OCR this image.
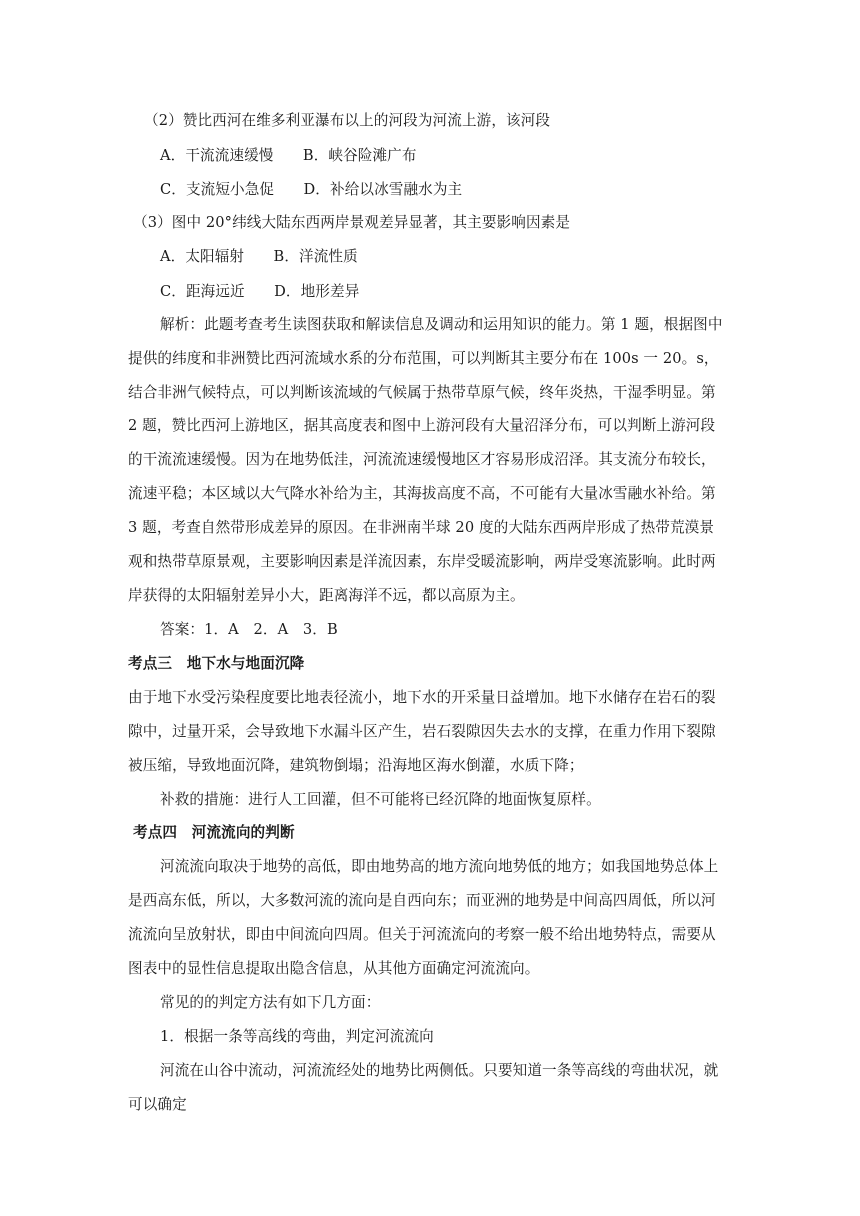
（2）赞比西河在维多利亚瀑布以上的河段为河流上游，该河段
A．干流流速缓慢　　B．峡谷险滩广布
C．支流短小急促　　D．补给以冰雪融水为主
（3）图中 20°纬线大陆东西两岸景观差异显著，其主要影响因素是
A．太阳辐射　　B．洋流性质
C．距海远近　　D．地形差异
解析：此题考查考生读图获取和解读信息及调动和运用知识的能力。第 1 题，根据图中
提供的纬度和非洲赞比西河流域水系的分布范围，可以判断其主要分布在 100s 一 20。s，
结合非洲气候特点，可以判断该流域的气候属于热带草原气候，终年炎热，干湿季明显。第
2 题，赞比西河上游地区，据其高度表和图中上游河段有大量沼泽分布，可以判断上游河段
的干流流速缓慢。因为在地势低洼，河流流速缓慢地区才容易形成沼泽。其支流分布较长，
流速平稳；本区域以大气降水补给为主，其海拔高度不高，不可能有大量冰雪融水补给。第
3 题，考查自然带形成差异的原因。在非洲南半球 20 度的大陆东西两岸形成了热带荒漠景
观和热带草原景观，主要影响因素是洋流因素，东岸受暖流影响，两岸受寒流影响。此时两
岸获得的太阳辐射差异小大，距离海洋不远，都以高原为主。
答案：1．A　2．A　3．B
考点三　地下水与地面沉降
由于地下水受污染程度要比地表径流小，地下水的开采量日益增加。地下水储存在岩石的裂
隙中，过量开采，会导致地下水漏斗区产生，岩石裂隙因失去水的支撑，在重力作用下裂隙
被压缩，导致地面沉降，建筑物倒塌；沿海地区海水倒灌，水质下降；
补救的措施：进行人工回灌，但不可能将已经沉降的地面恢复原样。
考点四　河流流向的判断
河流流向取决于地势的高低，即由地势高的地方流向地势低的地方；如我国地势总体上
是西高东低，所以，大多数河流的流向是自西向东；而亚洲的地势是中间高四周低，所以河
流流向呈放射状，即由中间流向四周。但关于河流流向的考察一般不给出地势特点，需要从
图表中的显性信息提取出隐含信息，从其他方面确定河流流向。
常见的的判定方法有如下几方面：
1．根据一条等高线的弯曲，判定河流流向
河流在山谷中流动，河流流经处的地势比两侧低。只要知道一条等高线的弯曲状况，就
可以确定
